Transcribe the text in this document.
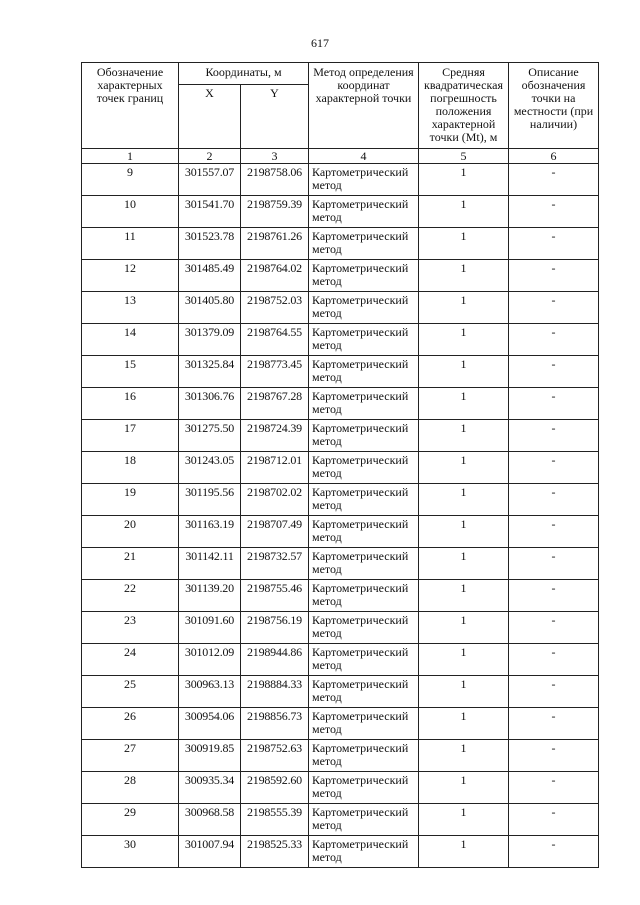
617
Обозначение характерных точек границ	Координаты, м		Метод определения координат характерной точки	Средняя квадратическая погрешность положения характерной точки (Mt), м	Описание обозначения точки на местности (при наличии)
	X	Y			
1	2	3	4	5	6
9	301557.07	2198758.06	Картометрический метод	1	-
10	301541.70	2198759.39	Картометрический метод	1	-
11	301523.78	2198761.26	Картометрический метод	1	-
12	301485.49	2198764.02	Картометрический метод	1	-
13	301405.80	2198752.03	Картометрический метод	1	-
14	301379.09	2198764.55	Картометрический метод	1	-
15	301325.84	2198773.45	Картометрический метод	1	-
16	301306.76	2198767.28	Картометрический метод	1	-
17	301275.50	2198724.39	Картометрический метод	1	-
18	301243.05	2198712.01	Картометрический метод	1	-
19	301195.56	2198702.02	Картометрический метод	1	-
20	301163.19	2198707.49	Картометрический метод	1	-
21	301142.11	2198732.57	Картометрический метод	1	-
22	301139.20	2198755.46	Картометрический метод	1	-
23	301091.60	2198756.19	Картометрический метод	1	-
24	301012.09	2198944.86	Картометрический метод	1	-
25	300963.13	2198884.33	Картометрический метод	1	-
26	300954.06	2198856.73	Картометрический метод	1	-
27	300919.85	2198752.63	Картометрический метод	1	-
28	300935.34	2198592.60	Картометрический метод	1	-
29	300968.58	2198555.39	Картометрический метод	1	-
30	301007.94	2198525.33	Картометрический метод	1	-
